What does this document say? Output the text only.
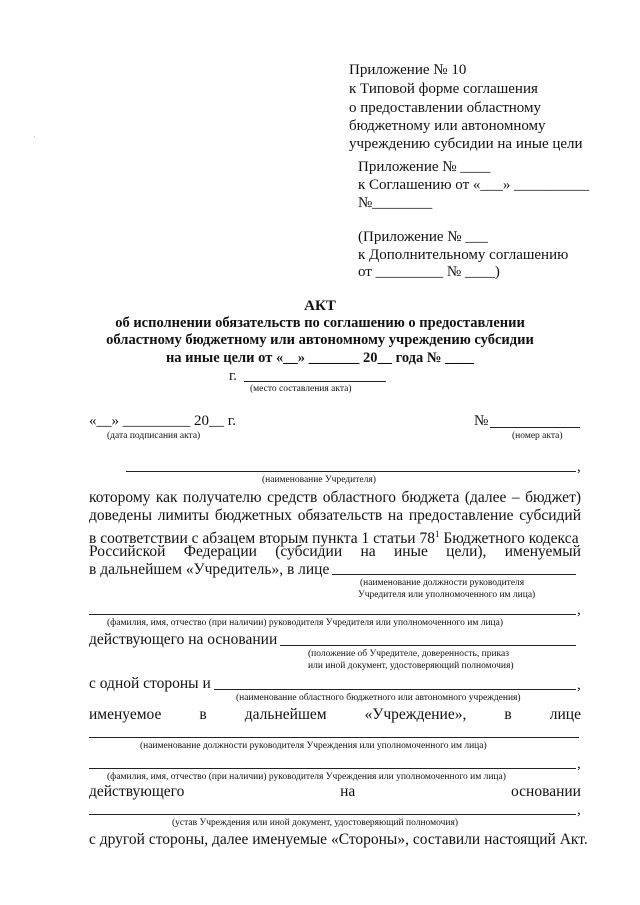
Приложение № 10
к Типовой форме соглашения
о предоставлении областному
бюджетному или автономному
учреждению субсидии на иные цели
Приложение № ____
к Соглашению от «___» __________
№________
(Приложение № ___
к Дополнительному соглашению
от _________ № ____)
АКТ
об исполнении обязательств по соглашению о предоставлении
областному бюджетному или автономному учреждению субсидии
на иные цели от «__» _______ 20__ года № ____
г.
(место составления акта)
«__» _________ 20__ г.
(дата подписания акта)
№
(номер акта)
,
(наименование Учредителя)
которому как получателю средств областного бюджета (далее – бюджет)
доведены лимиты бюджетных обязательств на предоставление субсидий
в соответствии с абзацем вторым пункта 1 статьи $78^1$ Бюджетного кодекса
Российской Федерации (субсидии на иные цели), именуемый
в дальнейшем «Учредитель», в лице
(наименование должности руководителя
Учредителя или уполномоченного им лица)
,
(фамилия, имя, отчество (при наличии) руководителя Учредителя или уполномоченного им лица)
действующего на основании
(положение об Учредителе, доверенность, приказ
или иной документ, удостоверяющий полномочия)
с одной стороны и	,
(наименование областного бюджетного или автономного учреждения)
именуемое в дальнейшем «Учреждение», в лице
(наименование должности руководителя Учреждения или уполномоченного им лица)
,
(фамилия, имя, отчество (при наличии) руководителя Учреждения или уполномоченного им лица)
действующего	на	основании
,
(устав Учреждения или иной документ, удостоверяющий полномочия)
с другой стороны, далее именуемые «Стороны», составили настоящий Акт.
